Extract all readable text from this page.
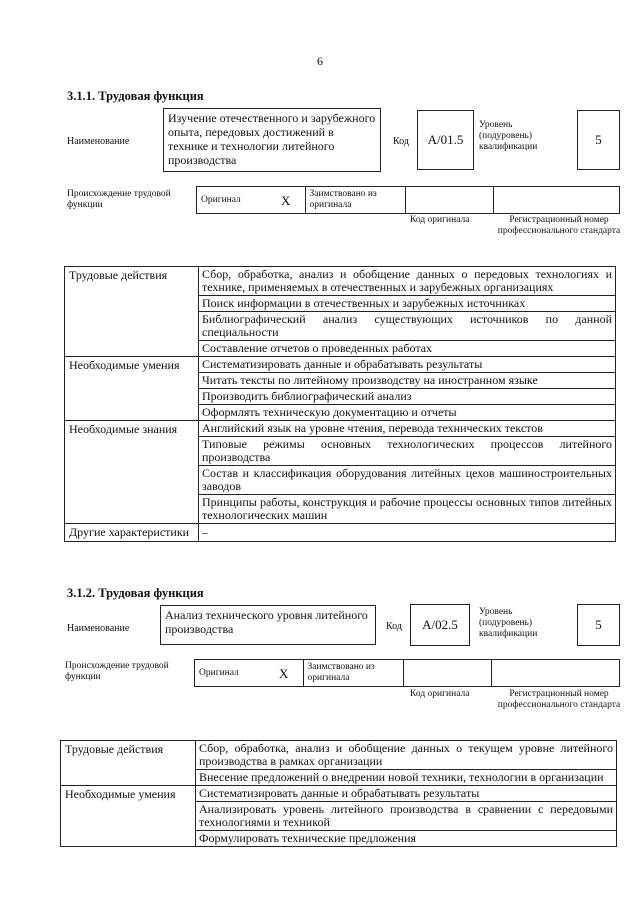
6
3.1.1. Трудовая функция
Наименование
Изучение отечественного и зарубежного опыта, передовых достижений в технике и технологии литейного производства
Код	A/01.5
Уровень (подуровень) квалификации	5
Происхождение трудовой функции
Оригинал	X	Заимствовано из оригинала		
Код оригинала	Регистрационный номер профессионального стандарта
Трудовые действия	Сбор, обработка, анализ и обобщение данных о передовых технологиях и технике, применяемых в отечественных и зарубежных организациях
	Поиск информации в отечественных и зарубежных источниках
	Библиографический анализ существующих источников по данной специальности
	Составление отчетов о проведенных работах
Необходимые умения	Систематизировать данные и обрабатывать результаты
	Читать тексты по литейному производству на иностранном языке
	Производить библиографический анализ
	Оформлять техническую документацию и отчеты
Необходимые знания	Английский язык на уровне чтения, перевода технических текстов
	Типовые режимы основных технологических процессов литейного производства
	Состав и классификация оборудования литейных цехов машиностроительных заводов
	Принципы работы, конструкция и рабочие процессы основных типов литейных технологических машин
Другие характеристики	–
3.1.2. Трудовая функция
Наименование
Анализ технического уровня литейного производства	Код	A/02.5
Уровень (подуровень) квалификации
5
Происхождение трудовой функции	Оригинал	X	Заимствовано из оригинала		
Код оригинала	Регистрационный номер профессионального стандарта
Трудовые действия	Сбор, обработка, анализ и обобщение данных о текущем уровне литейного производства в рамках организации
	Внесение предложений о внедрении новой техники, технологии в организации
Необходимые умения	Систематизировать данные и обрабатывать результаты
	Анализировать уровень литейного производства в сравнении с передовыми технологиями и техникой
	Формулировать технические предложения
